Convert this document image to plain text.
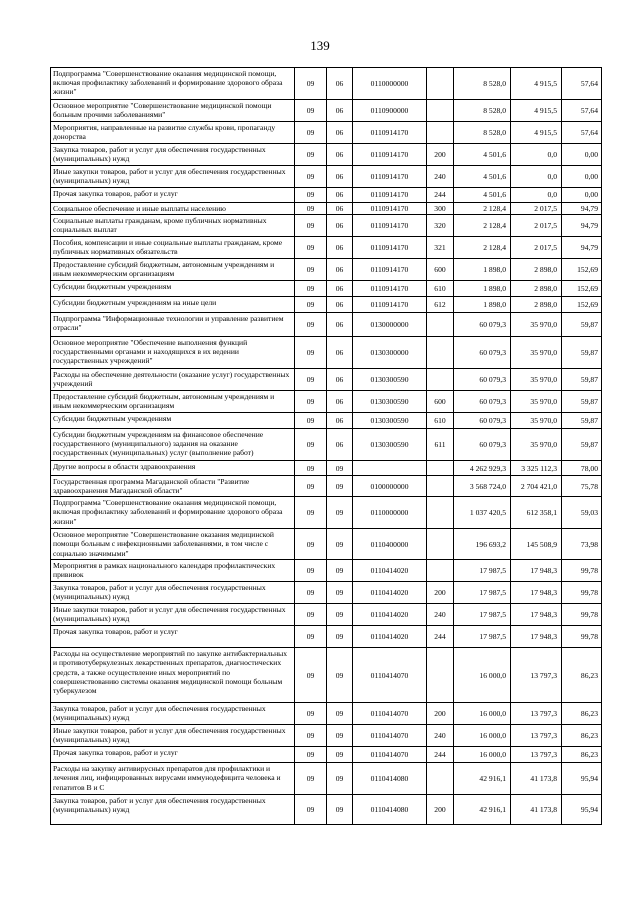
139
Подпрограмма "Совершенствование оказания медицинской помощи, включая профилактику заболеваний и формирование здорового образа жизни"	09	06	0110000000		8 528,0	4 915,5	57,64
Основное мероприятие "Совершенствование медицинской помощи больным прочими заболеваниями"	09	06	0110900000		8 528,0	4 915,5	57,64
Мероприятия, направленные на развитие службы крови, пропаганду донорства	09	06	0110914170		8 528,0	4 915,5	57,64
Закупка товаров, работ и услуг для обеспечения государственных (муниципальных) нужд	09	06	0110914170	200	4 501,6	0,0	0,00
Иные закупки товаров, работ и услуг для обеспечения государственных (муниципальных) нужд	09	06	0110914170	240	4 501,6	0,0	0,00
Прочая закупка товаров, работ и услуг	09	06	0110914170	244	4 501,6	0,0	0,00
Социальное обеспечение и иные выплаты населению	09	06	0110914170	300	2 128,4	2 017,5	94,79
Социальные выплаты гражданам, кроме публичных нормативных социальных выплат	09	06	0110914170	320	2 128,4	2 017,5	94,79
Пособия, компенсации и иные социальные выплаты гражданам, кроме публичных нормативных обязательств	09	06	0110914170	321	2 128,4	2 017,5	94,79
Предоставление субсидий бюджетным, автономным учреждениям и иным некоммерческим организациям	09	06	0110914170	600	1 898,0	2 898,0	152,69
Субсидии бюджетным учреждениям	09	06	0110914170	610	1 898,0	2 898,0	152,69
Субсидии бюджетным учреждениям на иные цели	09	06	0110914170	612	1 898,0	2 898,0	152,69
Подпрограмма "Информационные технологии и управление развитием отрасли"	09	06	0130000000		60 079,3	35 970,0	59,87
Основное мероприятие "Обеспечение выполнения функций государственными органами и находящихся в их ведении государственных учреждений"	09	06	0130300000		60 079,3	35 970,0	59,87
Расходы на обеспечение деятельности (оказание услуг) государственных учреждений	09	06	0130300590		60 079,3	35 970,0	59,87
Предоставление субсидий бюджетным, автономным учреждениям и иным некоммерческим организациям	09	06	0130300590	600	60 079,3	35 970,0	59,87
Субсидии бюджетным учреждениям	09	06	0130300590	610	60 079,3	35 970,0	59,87
Субсидии бюджетным учреждениям на финансовое обеспечение государственного (муниципального) задания на оказание государственных (муниципальных) услуг (выполнение работ)	09	06	0130300590	611	60 079,3	35 970,0	59,87
Другие вопросы в области здравоохранения	09	09			4 262 929,3	3 325 112,3	78,00
Государственная программа Магаданской области "Развитие здравоохранения Магаданской области"	09	09	0100000000		3 568 724,0	2 704 421,0	75,78
Подпрограмма "Совершенствование оказания медицинской помощи, включая профилактику заболеваний и формирование здорового образа жизни"	09	09	0110000000		1 037 420,5	612 358,1	59,03
Основное мероприятие "Совершенствование оказания медицинской помощи больным с инфекционными заболеваниями, в том числе с социально значимыми"	09	09	0110400000		196 693,2	145 508,9	73,98
Мероприятия в рамках национального календаря профилактических прививок	09	09	0110414020		17 987,5	17 948,3	99,78
Закупка товаров, работ и услуг для обеспечения государственных (муниципальных) нужд	09	09	0110414020	200	17 987,5	17 948,3	99,78
Иные закупки товаров, работ и услуг для обеспечения государственных (муниципальных) нужд	09	09	0110414020	240	17 987,5	17 948,3	99,78
Прочая закупка товаров, работ и услуг	09	09	0110414020	244	17 987,5	17 948,3	99,78
Расходы на осуществление мероприятий по закупке антибактериальных и противотуберкулезных лекарственных препаратов, диагностических средств, а также осуществление иных мероприятий по совершенствованию системы оказания медицинской помощи больным туберкулезом	09	09	0110414070		16 000,0	13 797,3	86,23
Закупка товаров, работ и услуг для обеспечения государственных (муниципальных) нужд	09	09	0110414070	200	16 000,0	13 797,3	86,23
Иные закупки товаров, работ и услуг для обеспечения государственных (муниципальных) нужд	09	09	0110414070	240	16 000,0	13 797,3	86,23
Прочая закупка товаров, работ и услуг	09	09	0110414070	244	16 000,0	13 797,3	86,23
Расходы на закупку антивирусных препаратов для профилактики и лечения лиц, инфицированных вирусами иммунодефицита человека и гепатитов В и С	09	09	0110414080		42 916,1	41 173,8	95,94
Закупка товаров, работ и услуг для обеспечения государственных (муниципальных) нужд	09	09	0110414080	200	42 916,1	41 173,8	95,94
